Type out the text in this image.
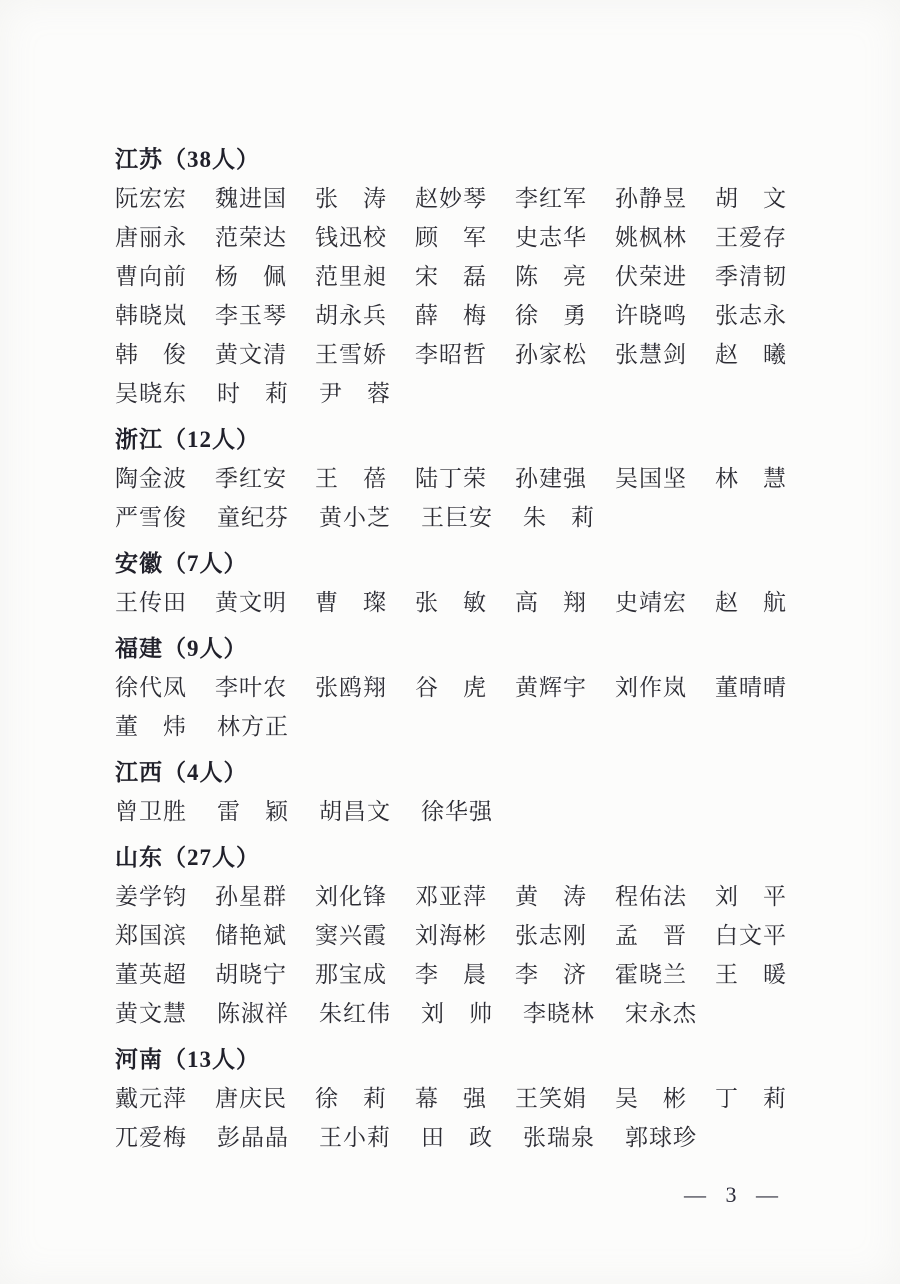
江苏（38人）
阮宏宏 魏进国 张　涛 赵妙琴 李红军 孙静昱 胡　文
唐丽永 范荣达 钱迅校 顾　军 史志华 姚枫林 王爱存
曹向前 杨　佩 范里昶 宋　磊 陈　亮 伏荣进 季清韧
韩晓岚 李玉琴 胡永兵 薛　梅 徐　勇 许晓鸣 张志永
韩　俊 黄文清 王雪娇 李昭哲 孙家松 张慧剑 赵　曦
吴晓东 时　莉 尹　蓉
浙江（12人）
陶金波 季红安 王　蓓 陆丁荣 孙建强 吴国坚 林　慧
严雪俊 童纪芬 黄小芝 王巨安 朱　莉
安徽（7人）
王传田 黄文明 曹　璨 张　敏 高　翔 史靖宏 赵　航
福建（9人）
徐代凤 李叶农 张鸥翔 谷　虎 黄辉宇 刘作岚 董晴晴
董　炜 林方正
江西（4人）
曾卫胜 雷　颖 胡昌文 徐华强
山东（27人）
姜学钧 孙星群 刘化锋 邓亚萍 黄　涛 程佑法 刘　平
郑国滨 储艳斌 窦兴霞 刘海彬 张志刚 孟　晋 白文平
董英超 胡晓宁 那宝成 李　晨 李　济 霍晓兰 王　暖
黄文慧 陈淑祥 朱红伟 刘　帅 李晓林 宋永杰
河南（13人）
戴元萍 唐庆民 徐　莉 幕　强 王笑娟 吴　彬 丁　莉
兀爱梅 彭晶晶 王小莉 田　政 张瑞泉 郭球珍
— 3 —
